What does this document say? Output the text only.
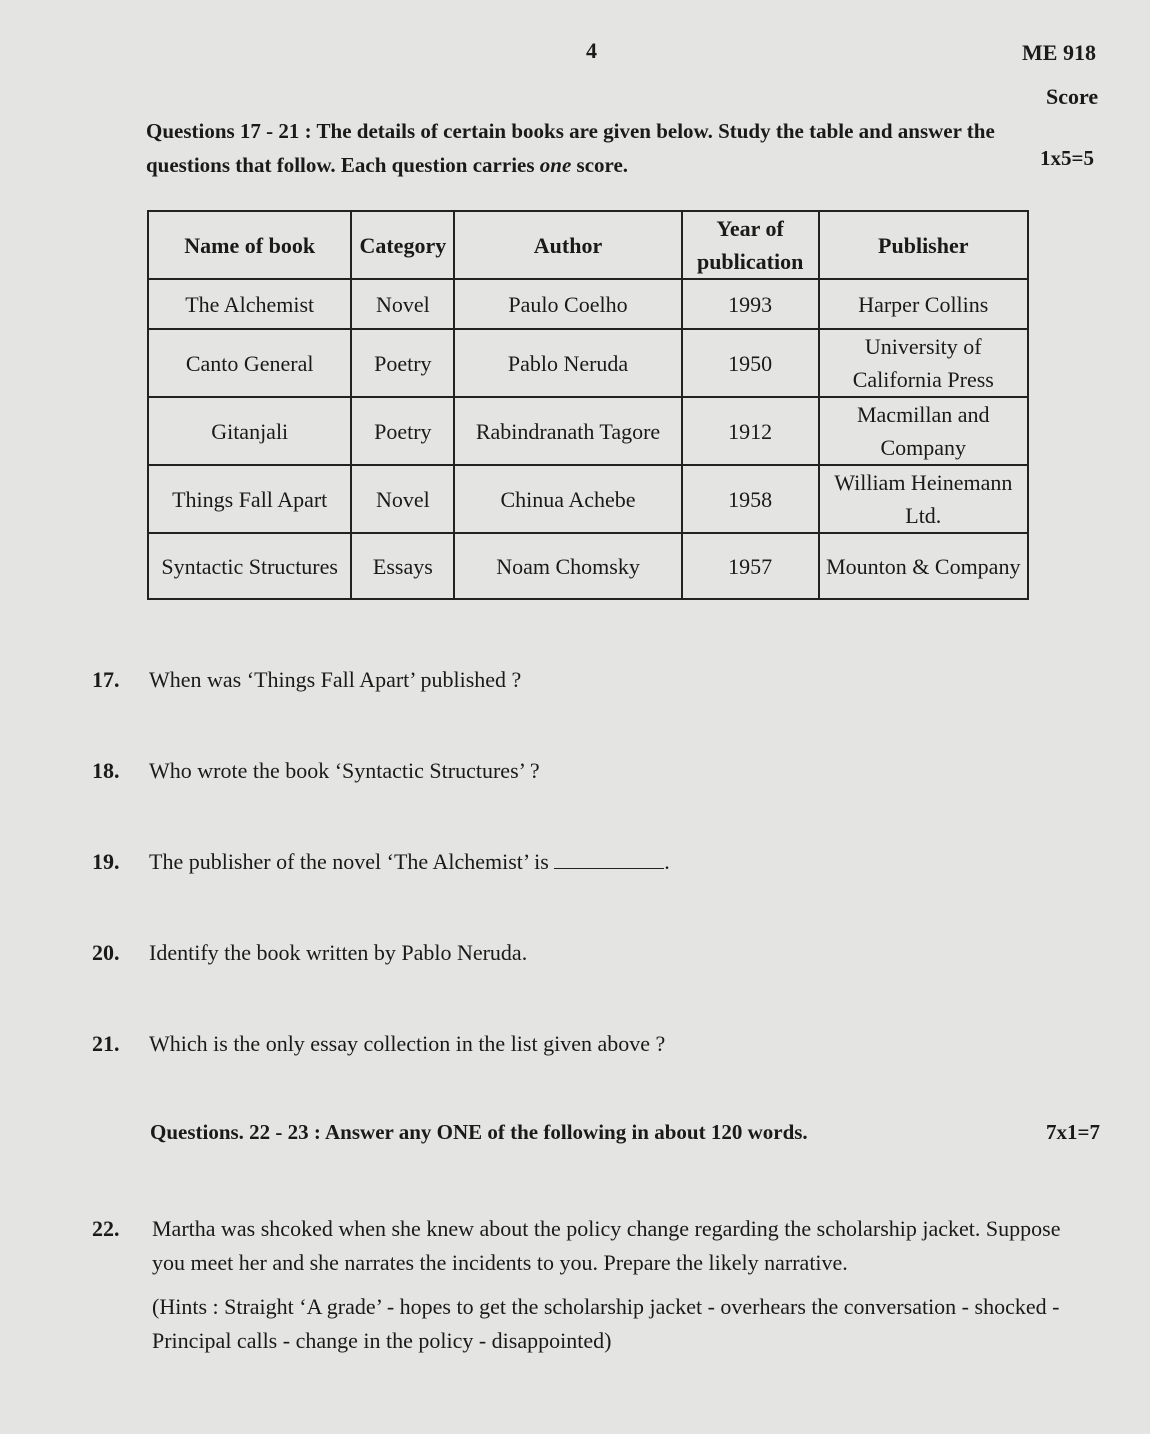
4	ME 918
Score
Questions 17 - 21 : The details of certain books are given below. Study the table and answer the questions that follow. Each question carries one score.	1x5=5
Name of book	Category	Author	Year of publication	Publisher
The Alchemist	Novel	Paulo Coelho	1993	Harper Collins
Canto General	Poetry	Pablo Neruda	1950	University of California Press
Gitanjali	Poetry	Rabindranath Tagore	1912	Macmillan and Company
Things Fall Apart	Novel	Chinua Achebe	1958	William Heinemann Ltd.
Syntactic Structures	Essays	Noam Chomsky	1957	Mounton & Company
17. When was ‘Things Fall Apart’ published ?
18. Who wrote the book ‘Syntactic Structures’ ?
19. The publisher of the novel ‘The Alchemist’ is	.
20. Identify the book written by Pablo Neruda.
21. Which is the only essay collection in the list given above ?
Questions. 22 - 23 : Answer any ONE of the following in about 120 words.	7x1=7
22. Martha was shcoked when she knew about the policy change regarding the scholarship jacket. Suppose you meet her and she narrates the incidents to you. Prepare the likely narrative.
(Hints : Straight ‘A grade’ - hopes to get the scholarship jacket - overhears the conversation - shocked - Principal calls - change in the policy - disappointed)
